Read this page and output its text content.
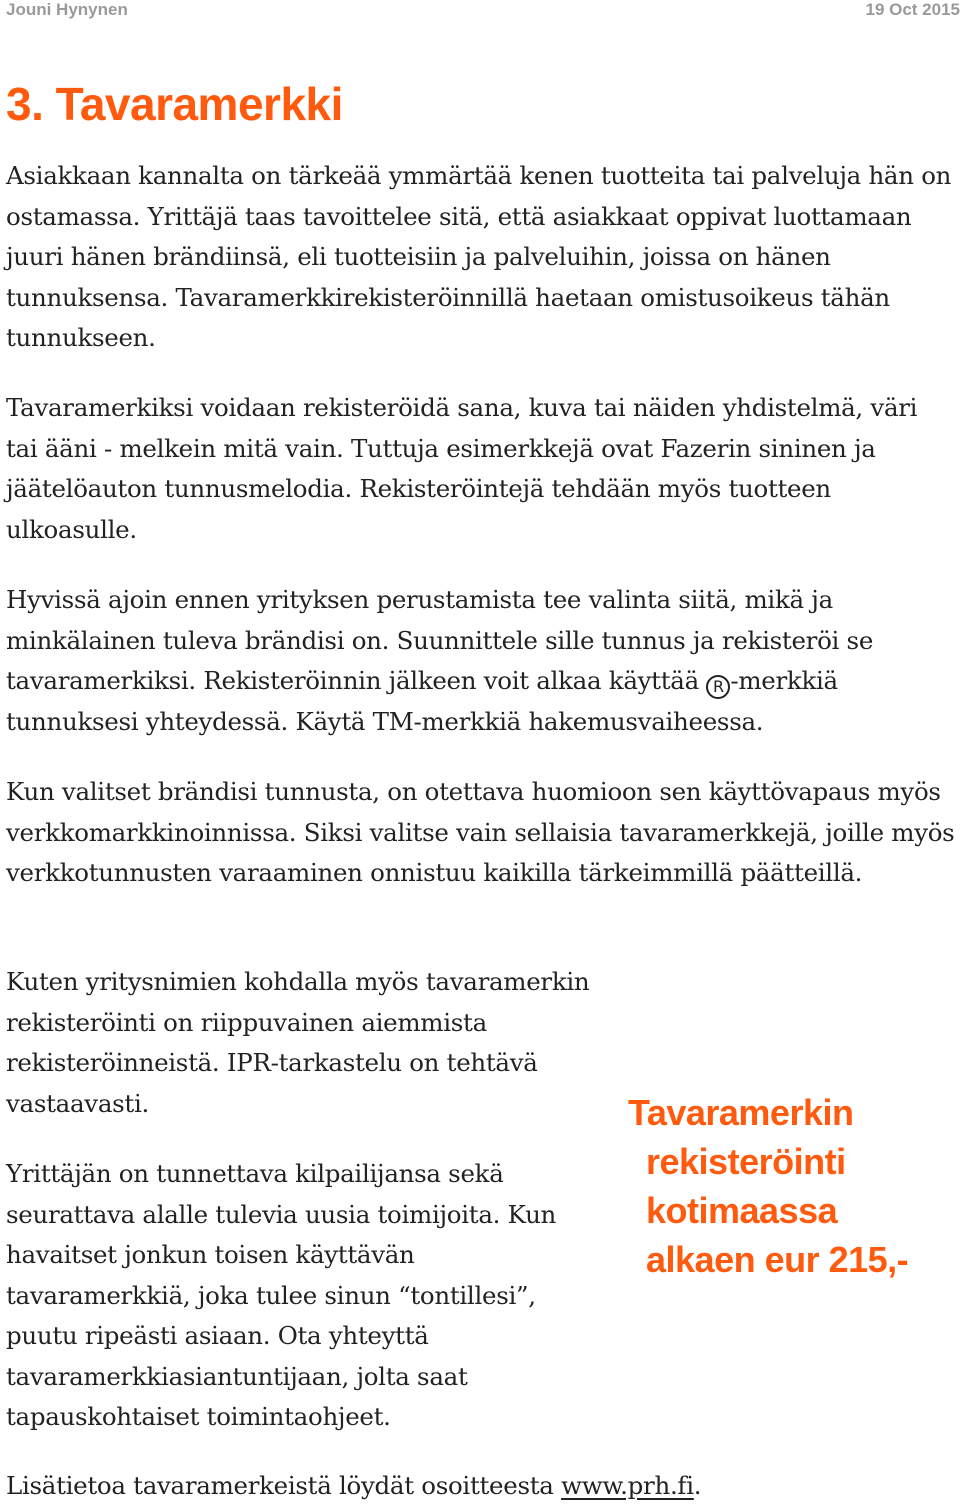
Jouni Hynynen	19 Oct 2015
3. Tavaramerkki

Asiakkaan kannalta on tärkeää ymmärtää kenen tuotteita tai palveluja hän on ostamassa. Yrittäjä taas tavoittelee sitä, että asiakkaat oppivat luottamaan juuri hänen brändiinsä, eli tuotteisiin ja palveluihin, joissa on hänen tunnuksensa. Tavaramerkkirekisteröinnillä haetaan omistusoikeus tähän tunnukseen.

Tavaramerkiksi voidaan rekisteröidä sana, kuva tai näiden yhdistelmä, väri tai ääni - melkein mitä vain. Tuttuja esimerkkejä ovat Fazerin sininen ja jäätelöauton tunnusmelodia. Rekisteröintejä tehdään myös tuotteen ulkoasulle.

Hyvissä ajoin ennen yrityksen perustamista tee valinta siitä, mikä ja minkälainen tuleva brändisi on. Suunnittele sille tunnus ja rekisteröi se tavaramerkiksi. Rekisteröinnin jälkeen voit alkaa käyttää R -merkkiä tunnuksesi yhteydessä. Käytä TM-merkkiä hakemusvaiheessa.

Kun valitset brändisi tunnusta, on otettava huomioon sen käyttövapaus myös verkkomarkkinoinnissa. Siksi valitse vain sellaisia tavaramerkkejä, joille myös verkkotunnusten varaaminen onnistuu kaikilla tärkeimmillä päätteillä.

Kuten yritysnimien kohdalla myös tavaramerkin rekisteröinti on riippuvainen aiemmista rekisteröinneistä. IPR-tarkastelu on tehtävä vastaavasti.

Yrittäjän on tunnettava kilpailijansa sekä seurattava alalle tulevia uusia toimijoita. Kun havaitset jonkun toisen käyttävän tavaramerkkiä, joka tulee sinun “tontillesi”, puutu ripeästi asiaan. Ota yhteyttä tavaramerkkiasiantuntijaan, jolta saat tapauskohtaiset toimintaohjeet.

Lisätietoa tavaramerkeistä löydät osoitteesta www.prh.fi.

Tavaramerkin
rekisteröinti
kotimaassa
alkaen eur 215,-
